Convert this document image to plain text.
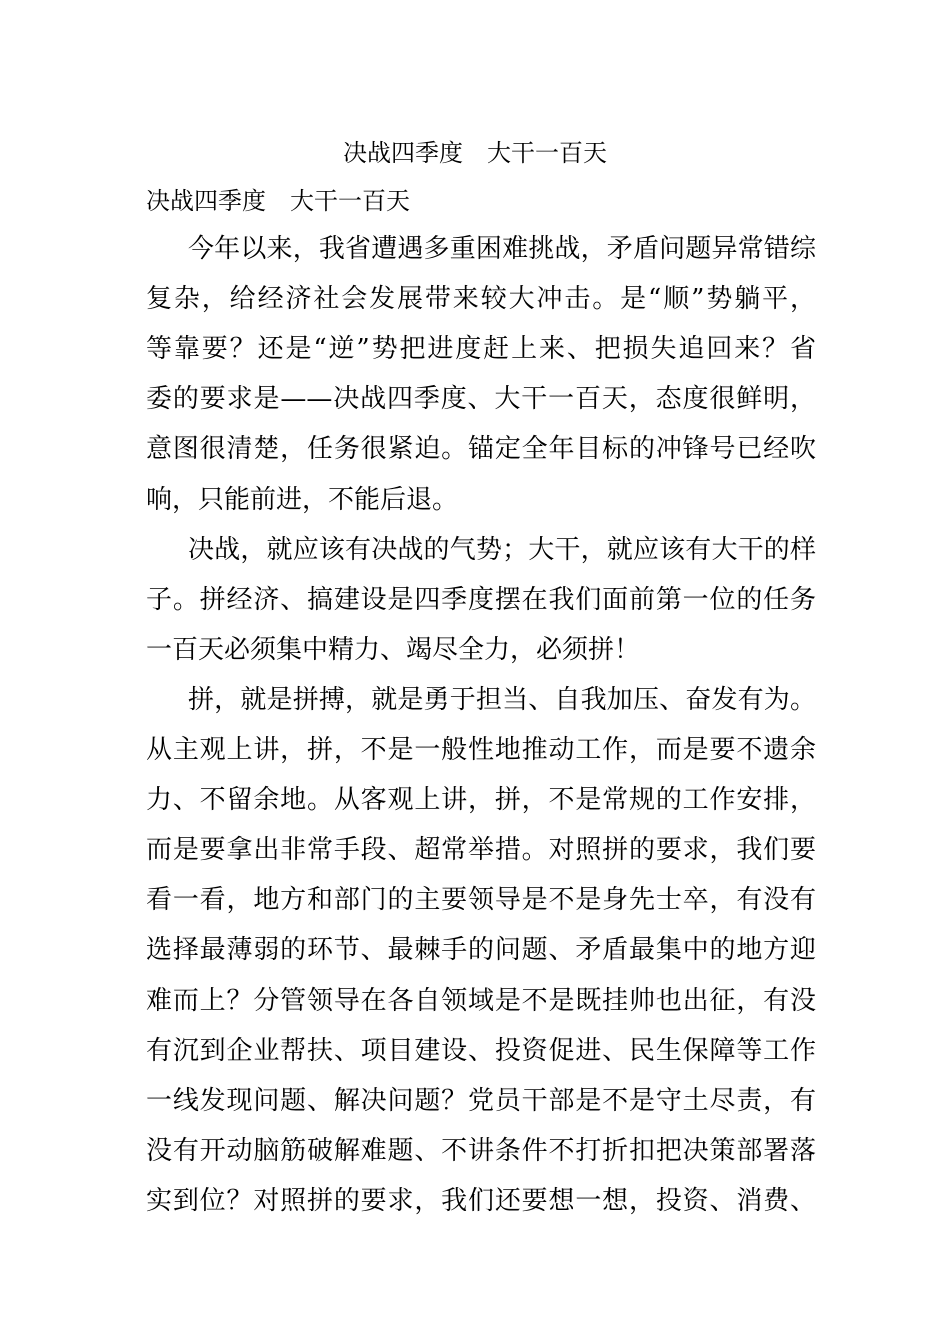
决战四季度　大干一百天
决战四季度　大干一百天
今年以来，我省遭遇多重困难挑战，矛盾问题异常错综
复杂，给经济社会发展带来较大冲击。是“顺”势躺平，
等靠要？还是“逆”势把进度赶上来、把损失追回来？省
委的要求是——决战四季度、大干一百天，态度很鲜明，
意图很清楚，任务很紧迫。锚定全年目标的冲锋号已经吹
响，只能前进，不能后退。
决战，就应该有决战的气势；大干，就应该有大干的样
子。拼经济、搞建设是四季度摆在我们面前第一位的任务
一百天必须集中精力、竭尽全力，必须拼！
拼，就是拼搏，就是勇于担当、自我加压、奋发有为。
从主观上讲，拼，不是一般性地推动工作，而是要不遗余
力、不留余地。从客观上讲，拼，不是常规的工作安排，
而是要拿出非常手段、超常举措。对照拼的要求，我们要
看一看，地方和部门的主要领导是不是身先士卒，有没有
选择最薄弱的环节、最棘手的问题、矛盾最集中的地方迎
难而上？分管领导在各自领域是不是既挂帅也出征，有没
有沉到企业帮扶、项目建设、投资促进、民生保障等工作
一线发现问题、解决问题？党员干部是不是守土尽责，有
没有开动脑筋破解难题、不讲条件不打折扣把决策部署落
实到位？对照拼的要求，我们还要想一想，投资、消费、
